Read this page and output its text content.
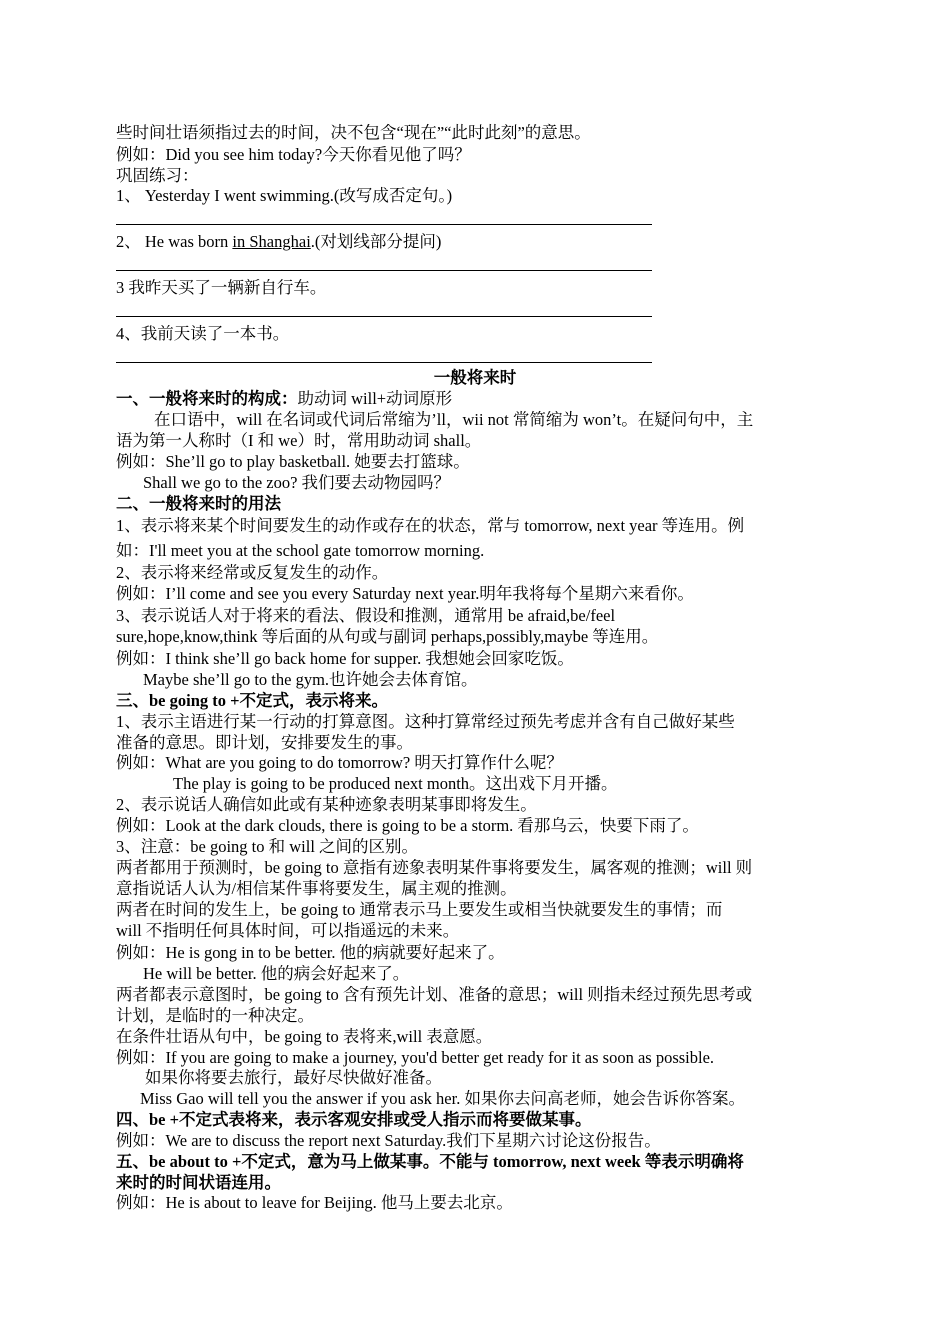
些时间壮语须指过去的时间，决不包含“现在”“此时此刻”的意思。
例如：Did you see him today?今天你看见他了吗？
巩固练习：
1、 Yesterday I went swimming.(改写成否定句。)
2、 He was born in Shanghai.(对划线部分提问)
3 我昨天买了一辆新自行车。
4、我前天读了一本书。
一般将来时
一、一般将来时的构成：助动词 will+动词原形
在口语中，will 在名词或代词后常缩为’ll，wii not 常简缩为 won’t。在疑问句中，主
语为第一人称时（I 和 we）时，常用助动词 shall。
例如：She’ll go to play basketball. 她要去打篮球。
Shall we go to the zoo? 我们要去动物园吗？
二、一般将来时的用法
1、表示将来某个时间要发生的动作或存在的状态，常与 tomorrow, next year 等连用。例
如：I'll meet you at the school gate tomorrow morning.
2、表示将来经常或反复发生的动作。
例如：I’ll come and see you every Saturday next year.明年我将每个星期六来看你。
3、表示说话人对于将来的看法、假设和推测，通常用 be afraid,be/feel
sure,hope,know,think 等后面的从句或与副词 perhaps,possibly,maybe 等连用。
例如：I think she’ll go back home for supper. 我想她会回家吃饭。
Maybe she’ll go to the gym.也许她会去体育馆。
三、be going to +不定式，表示将来。
1、表示主语进行某一行动的打算意图。这种打算常经过预先考虑并含有自己做好某些
准备的意思。即计划，安排要发生的事。
例如：What are you going to do tomorrow? 明天打算作什么呢？
The play is going to be produced next month。这出戏下月开播。
2、表示说话人确信如此或有某种迹象表明某事即将发生。
例如：Look at the dark clouds, there is going to be a storm. 看那乌云，快要下雨了。
3、注意：be going to 和 will 之间的区别。
两者都用于预测时，be going to 意指有迹象表明某件事将要发生，属客观的推测；will 则
意指说话人认为/相信某件事将要发生，属主观的推测。
两者在时间的发生上，be going to 通常表示马上要发生或相当快就要发生的事情；而
will 不指明任何具体时间，可以指遥远的未来。
例如：He is gong in to be better. 他的病就要好起来了。
He will be better. 他的病会好起来了。
两者都表示意图时，be going to 含有预先计划、准备的意思；will 则指未经过预先思考或
计划，是临时的一种决定。
在条件壮语从句中，be going to 表将来,will 表意愿。
例如：If you are going to make a journey, you'd better get ready for it as soon as possible.
如果你将要去旅行，最好尽快做好准备。
Miss Gao will tell you the answer if you ask her. 如果你去问高老师，她会告诉你答案。
四、be +不定式表将来，表示客观安排或受人指示而将要做某事。
例如：We are to discuss the report next Saturday.我们下星期六讨论这份报告。
五、be about to +不定式，意为马上做某事。不能与 tomorrow, next week 等表示明确将
来时的时间状语连用。
例如：He is about to leave for Beijing. 他马上要去北京。
